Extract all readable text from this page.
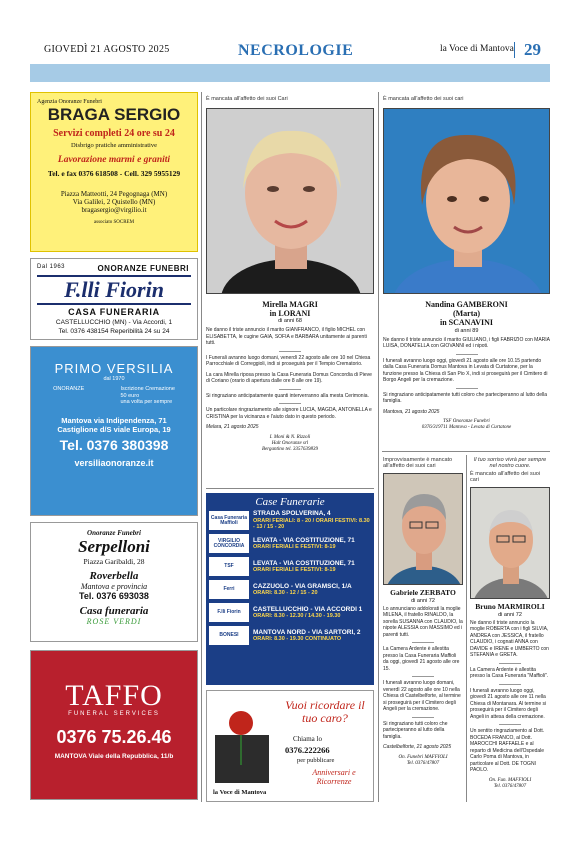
GIOVEDÌ 21 AGOSTO 2025	NECROLOGIE	la Voce di Mantova 29
Agenzia Onoranze Funebri
BRAGA SERGIO
Servizi completi 24 ore su 24
Disbrigo pratiche amministrative
Lavorazione marmi e graniti
Tel. e fax 0376 618508 - Cell. 329 5955129
Piazza Matteotti, 24 Pegognaga (MN)
Via Galilei, 2 Quistello (MN)
bragasergio@virgilio.it
associato SOCREM
Dal 1963	ONORANZE FUNEBRI
F.lli Fiorin
CASA FUNERARIA
CASTELLUCCHIO (MN) - Via Accordi, 1
Tel. 0376 438154 Reperibilità 24 su 24
PRIMO VERSILIA
dal 1970
ONORANZE	Iscrizione Cremazione
50 euro
una volta per sempre
Mantova via Indipendenza, 71
Castiglione d/S viale Europa, 19
Tel. 0376 380398
versiliaonoranze.it
Onoranze Funebri
Serpelloni
Piazza Garibaldi, 28
Roverbella
Mantova e provincia
Tel. 0376 693038
Casa funeraria
ROSE VERDI
TAFFO
FUNERAL SERVICES
0376 75.26.46
MANTOVA Viale della Repubblica, 11/b
È mancata all'affetto dei suoi Cari
Mirella MAGRI
in LORANI
di anni 68

Ne danno il triste annuncio il marito GIANFRANCO, il figlio MICHEL con ELISABETTA, le cugine GAIA, SOFIA e BARBARA unitamente ai parenti tutti.

I Funerali avranno luogo domani, venerdì 22 agosto alle ore 10 nel Chiesa Parrocchiale di Correggioli, indi si proseguirà per il Tempio Crematorio.

La cara Mirella riposa presso la Casa Funeraria Domus Concordia di Pieve di Coriano (orario di apertura dalle ore 8 alle ore 19).

Si ringraziano anticipatamente quanti interverranno alla mesta Cerimonia.

Un particolare ringraziamento alle signore LUCIA, MAGDA, ANTONELLA e CRISTINA per la vicinanza e l'aiuto dato in questo periodo.

Melara, 21 agosto 2025

I. Moni & N. Rizzoli
Halt Onoranze srl
Bergantino tel. 3357639839
È mancata all'affetto dei suoi cari
Nandina GAMBERONI
(Marta)
in SCANAVINI
di anni 89

Ne danno il triste annuncio il marito GIULIANO, i figli FABRIZIO con MARIA LUISA, DONATELLA con GIOVANNI ed i nipoti.

I funerali avranno luogo oggi, giovedì 21 agosto alle ore 10.15 partendo dalla Casa Funeraria Domus Mantova in Levata di Curtatone, per la funzione presso la Chiesa di San Pio X, indi si proseguirà per il Cimitero di Borgo Angeli per la cremazione.

Si ringraziano anticipatamente tutti coloro che parteciperanno al lutto della famiglia.

Mantova, 21 agosto 2025

TSF Onoranze Funebri
0376/319711 Mantova - Levata di Curtatone
Improvvisamente è mancato all'affetto dei suoi cari
Gabriele ZERBATO
di anni 72

Lo annunciano addolorati la moglie MILENA, il fratello RINALDO, la sorella SUSANNA con CLAUDIO, la nipote ALESSIA con MASSIMO ed i parenti tutti.

La Camera Ardente è allestita presso la Casa Funeraria Maffioli da oggi, giovedì 21 agosto alle ore 15.

I funerali avranno luogo domani, venerdì 22 agosto alle ore 10 nella Chiesa di Castelbelforte, al termine si proseguirà per il Cimitero degli Angeli per la cremazione.

Si ringraziano tutti coloro che parteciperanno al lutto della famiglia.

Castelbelforte, 21 agosto 2025

On. Funebri MAFFIOLI
Tel. 0376/47807
Il tuo sorriso vivrà per sempre nel nostro cuore.
È mancato all'affetto dei suoi cari
Bruno MARMIROLI
di anni 72

Ne danno il triste annuncio la moglie ROBERTA con i figli SILVIA, ANDREA con JESSICA, il fratello CLAUDIO, i cognati ANNA con DAVIDE e IRENE e UMBERTO con STEFANIA e GRETA.

La Camera Ardente è allestita presso la Casa Funeraria "Maffioli".

I funerali avranno luogo oggi, giovedì 21 agosto alle ore 11 nella Chiesa di Montanara. Al termine si proseguirà per il Cimitero degli Angeli in attesa della cremazione.

Un sentito ringraziamento al Dott. BOCEDA FRANCO, al Dott. MAROCCHI RAFFAELE e al reparto di Medicina dell'Ospedale Carlo Poma di Mantova, in particolare al Dott. DE TOGNI PAOLO.

On. Fun. MAFFIOLI
Tel. 0376/47807
Case Funerarie
Casa Funeraria Maffioli
STRADA SPOLVERINA, 4
ORARI FERIALI: 8 - 20 / ORARI FESTIVI: 8.30 - 13 / 15 - 20
VIRGILIO CONCORDIA
LEVATA - VIA COSTITUZIONE, 71
ORARI FERIALI E FESTIVI: 8-19
TSF	LEVATA - VIA COSTITUZIONE, 71
ORARI FERIALI E FESTIVI: 8-19
Ferri	CAZZUOLO - VIA GRAMSCI, 1/A
ORARI: 8.30 - 12 / 15 - 20
F.lli Fiorin	CASTELLUCCHIO - VIA ACCORDI 1
ORARI: 8.30 - 12.30 / 14.30 - 19.30
BONESI	MANTOVA NORD - VIA SARTORI, 2
ORARI: 8.30 - 19.30 CONTINUATO
Vuoi ricordare il tuo caro?
Chiama lo
0376.222266
per pubblicare
Anniversari e Ricorrenze
la Voce di Mantova
